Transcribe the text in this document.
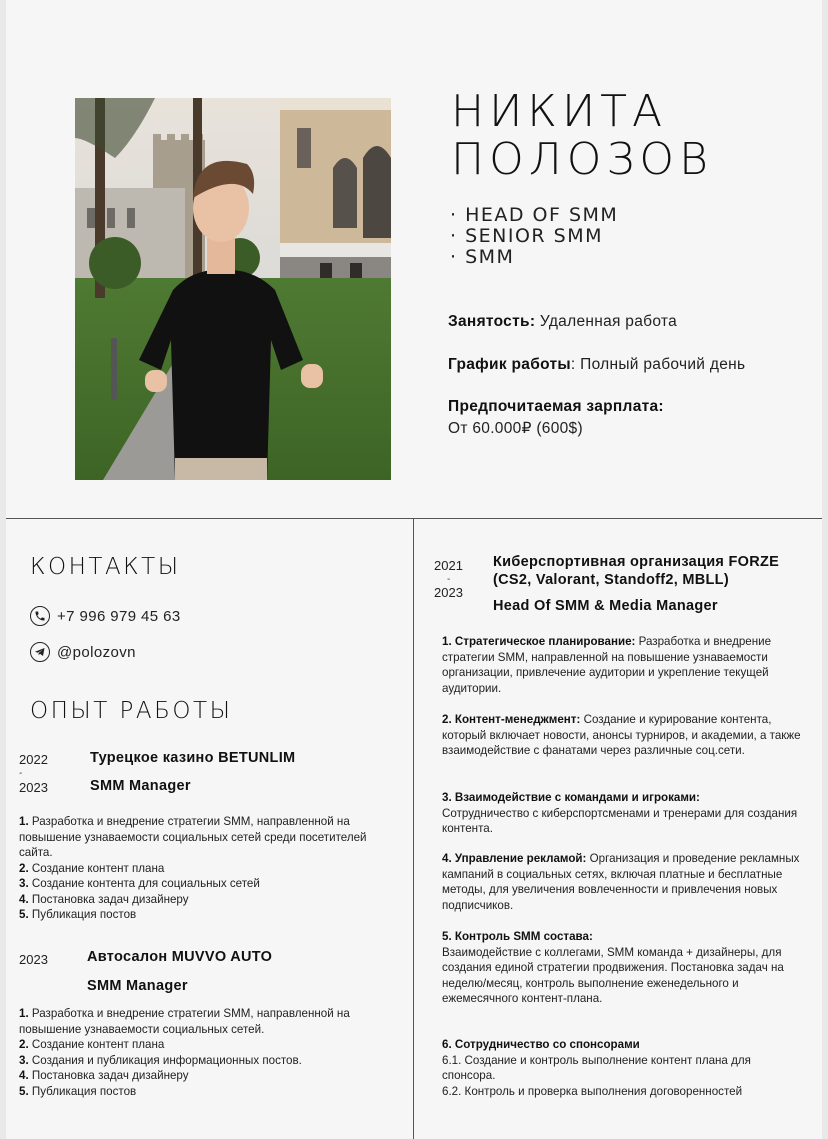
НИКИТА
ПОЛОЗОВ
· HEAD OF SMM
· SENIOR SMM
· SMM
Занятость: Удаленная работа
График работы: Полный рабочий день
Предпочитаемая зарплата:
От 60.000₽ (600$)
КОНТАКТЫ
+7 996 979 45 63
@polozovn
ОПЫТ РАБОТЫ
2022
-
2023
Турецкое казино BETUNLIM
SMM Manager

1. Разработка и внедрение стратегии SMM, направленной на повышение узнаваемости социальных сетей среди посетителей сайта.

2. Создание контент плана

3. Создание контента для социальных сетей

4. Постановка задач дизайнеру

5. Публикация постов

2023	Автосалон MUVVO AUTO
SMM Manager

1. Разработка и внедрение стратегии SMM, направленной на повышение узнаваемости социальных сетей.

2. Создание контент плана

3. Создания и публикация информационных постов.

4. Постановка задач дизайнеру

5. Публикация постов

2021
-
2023
Киберспортивная организация FORZE (CS2, Valorant, Standoff2, MBLL)
Head Of SMM & Media Manager
1. Стратегическое планирование: Разработка и внедрение стратегии SMM, направленной на повышение узнаваемости организации, привлечение аудитории и укрепление текущей аудитории.
2. Контент-менеджмент: Создание и курирование контента, который включает новости, анонсы турниров, и академии, а также взаимодействие с фанатами через различные соц.сети.
3. Взаимодействие с командами и игроками:
Сотрудничество с киберспортсменами и тренерами для создания контента.
4. Управление рекламой: Организация и проведение рекламных кампаний в социальных сетях, включая платные и бесплатные методы, для увеличения вовлеченности и привлечения новых подписчиков.
5. Контроль SMM состава:
Взаимодействие с коллегами, SMM команда + дизайнеры, для создания единой стратегии продвижения. Постановка задач на неделю/месяц, контроль выполнение еженедельного и ежемесячного контент-плана.
6. Сотрудничество со спонсорами
6.1. Создание и контроль выполнение контент плана для спонсора.
6.2. Контроль и проверка выполнения договоренностей
